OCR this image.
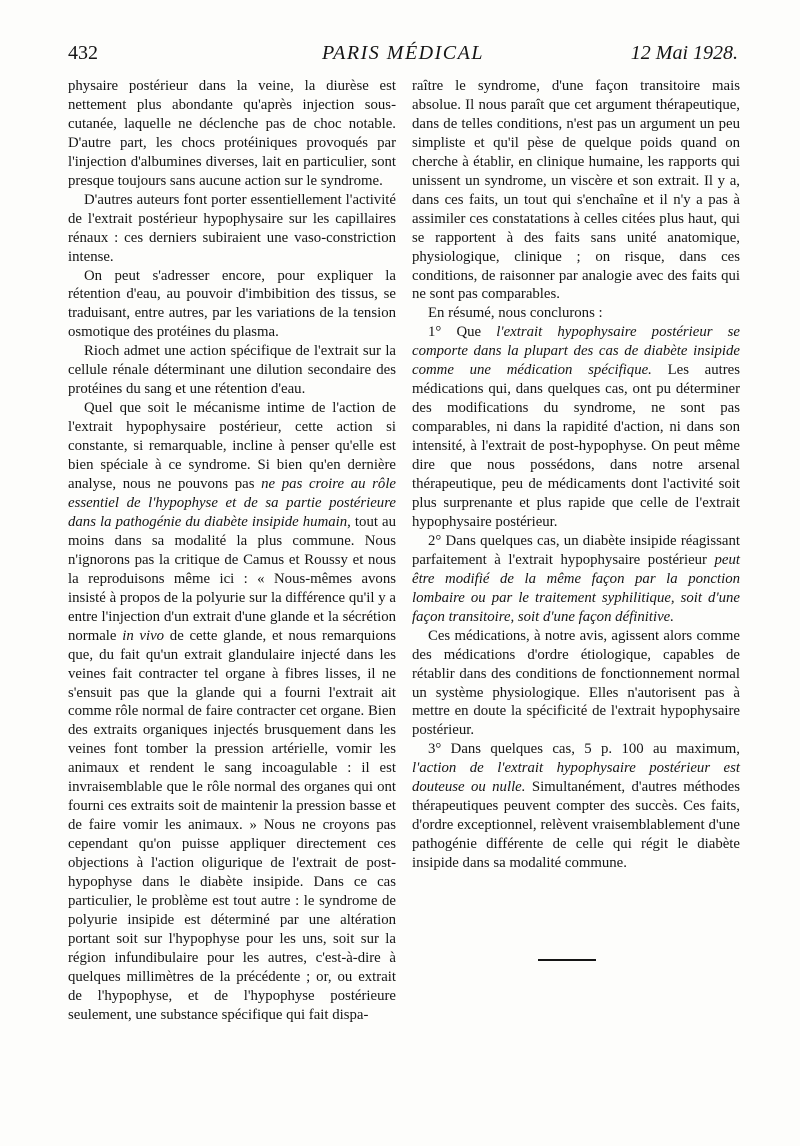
432	PARIS MÉDICAL	12 Mai 1928.

physaire postérieur dans la veine, la diurèse est nettement plus abondante qu'après injection sous-cutanée, laquelle ne déclenche pas de choc notable. D'autre part, les chocs protéiniques provoqués par l'injection d'albumines diverses, lait en particulier, sont presque toujours sans aucune action sur le syndrome.

D'autres auteurs font porter essentiellement l'activité de l'extrait postérieur hypophysaire sur les capillaires rénaux : ces derniers subiraient une vaso-constriction intense.

On peut s'adresser encore, pour expliquer la rétention d'eau, au pouvoir d'imbibition des tissus, se traduisant, entre autres, par les variations de la tension osmotique des protéines du plasma.

Rioch admet une action spécifique de l'extrait sur la cellule rénale déterminant une dilution secondaire des protéines du sang et une rétention d'eau.

Quel que soit le mécanisme intime de l'action de l'extrait hypophysaire postérieur, cette action si constante, si remarquable, incline à penser qu'elle est bien spéciale à ce syndrome. Si bien qu'en dernière analyse, nous ne pouvons pas ne pas croire au rôle essentiel de l'hypophyse et de sa partie postérieure dans la pathogénie du diabète insipide humain, tout au moins dans sa modalité la plus commune. Nous n'ignorons pas la critique de Camus et Roussy et nous la reproduisons même ici : « Nous-mêmes avons insisté à propos de la polyurie sur la différence qu'il y a entre l'injection d'un extrait d'une glande et la sécrétion normale in vivo de cette glande, et nous remarquions que, du fait qu'un extrait glandulaire injecté dans les veines fait contracter tel organe à fibres lisses, il ne s'ensuit pas que la glande qui a fourni l'extrait ait comme rôle normal de faire contracter cet organe. Bien des extraits organiques injectés brusquement dans les veines font tomber la pression artérielle, vomir les animaux et rendent le sang incoagulable : il est invraisemblable que le rôle normal des organes qui ont fourni ces extraits soit de maintenir la pression basse et de faire vomir les animaux. » Nous ne croyons pas cependant qu'on puisse appliquer directement ces objections à l'action oligurique de l'extrait de post-hypophyse dans le diabète insipide. Dans ce cas particulier, le problème est tout autre : le syndrome de polyurie insipide est déterminé par une altération portant soit sur l'hypophyse pour les uns, soit sur la région infundibulaire pour les autres, c'est-à-dire à quelques millimètres de la précédente ; or, ou extrait de l'hypophyse, et de l'hypophyse postérieure seulement, une substance spécifique qui fait dispa-

raître le syndrome, d'une façon transitoire mais absolue. Il nous paraît que cet argument thérapeutique, dans de telles conditions, n'est pas un argument un peu simpliste et qu'il pèse de quelque poids quand on cherche à établir, en clinique humaine, les rapports qui unissent un syndrome, un viscère et son extrait. Il y a, dans ces faits, un tout qui s'enchaîne et il n'y a pas à assimiler ces constatations à celles citées plus haut, qui se rapportent à des faits sans unité anatomique, physiologique, clinique ; on risque, dans ces conditions, de raisonner par analogie avec des faits qui ne sont pas comparables.

En résumé, nous conclurons :

1° Que l'extrait hypophysaire postérieur se comporte dans la plupart des cas de diabète insipide comme une médication spécifique. Les autres médications qui, dans quelques cas, ont pu déterminer des modifications du syndrome, ne sont pas comparables, ni dans la rapidité d'action, ni dans son intensité, à l'extrait de post-hypophyse. On peut même dire que nous possédons, dans notre arsenal thérapeutique, peu de médicaments dont l'activité soit plus surprenante et plus rapide que celle de l'extrait hypophysaire postérieur.

2° Dans quelques cas, un diabète insipide réagissant parfaitement à l'extrait hypophysaire postérieur peut être modifié de la même façon par la ponction lombaire ou par le traitement syphilitique, soit d'une façon transitoire, soit d'une façon définitive.

Ces médications, à notre avis, agissent alors comme des médications d'ordre étiologique, capables de rétablir dans des conditions de fonctionnement normal un système physiologique. Elles n'autorisent pas à mettre en doute la spécificité de l'extrait hypophysaire postérieur.

3° Dans quelques cas, 5 p. 100 au maximum, l'action de l'extrait hypophysaire postérieur est douteuse ou nulle. Simultanément, d'autres méthodes thérapeutiques peuvent compter des succès. Ces faits, d'ordre exceptionnel, relèvent vraisemblablement d'une pathogénie différente de celle qui régit le diabète insipide dans sa modalité commune.
